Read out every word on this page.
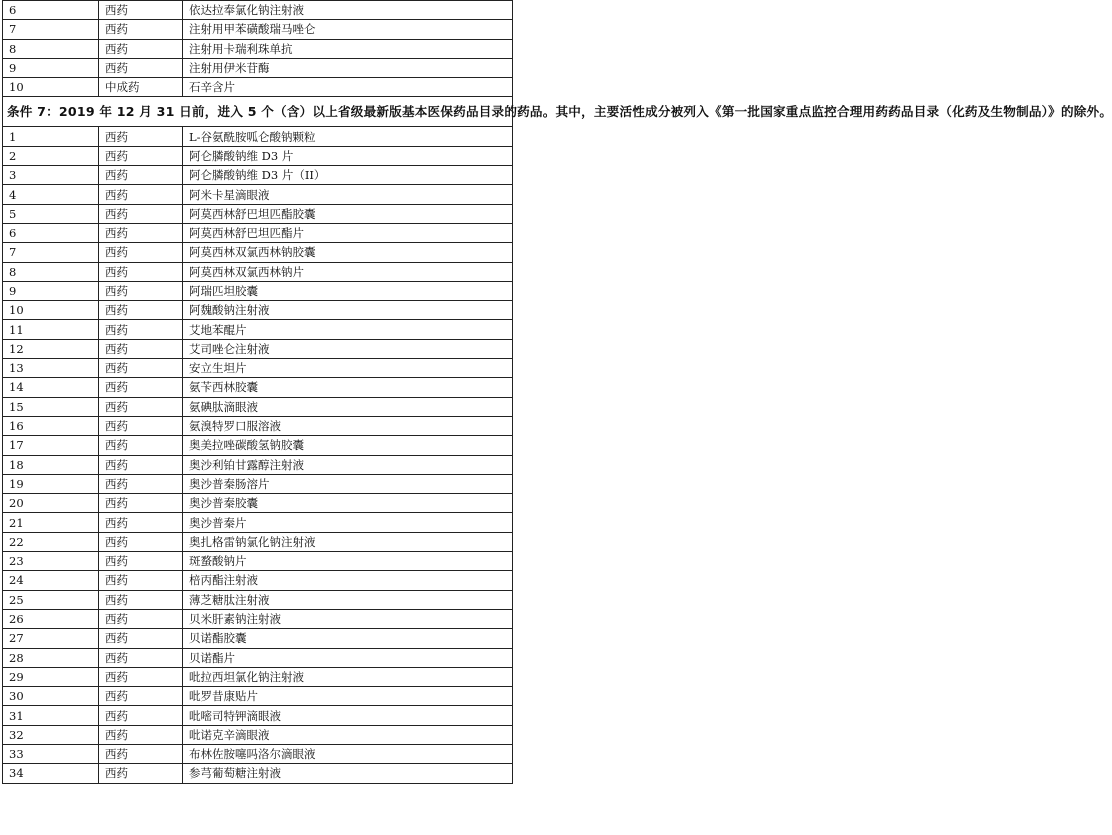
6	西药	依达拉奉氯化钠注射液
7	西药	注射用甲苯磺酸瑞马唑仑
8	西药	注射用卡瑞利珠单抗
9	西药	注射用伊米苷酶
10	中成药	石辛含片
条件 7：2019 年 12 月 31 日前，进入 5 个（含）以上省级最新版基本医保药品目录的药品。其中，主要活性成分被列入《第一批国家重点监控合理用药药品目录（化药及生物制品）》的除外。		
1	西药	L-谷氨酰胺呱仑酸钠颗粒
2	西药	阿仑膦酸钠维 D3 片
3	西药	阿仑膦酸钠维 D3 片（II）
4	西药	阿米卡星滴眼液
5	西药	阿莫西林舒巴坦匹酯胶囊
6	西药	阿莫西林舒巴坦匹酯片
7	西药	阿莫西林双氯西林钠胶囊
8	西药	阿莫西林双氯西林钠片
9	西药	阿瑞匹坦胶囊
10	西药	阿魏酸钠注射液
11	西药	艾地苯醌片
12	西药	艾司唑仑注射液
13	西药	安立生坦片
14	西药	氨苄西林胶囊
15	西药	氨碘肽滴眼液
16	西药	氨溴特罗口服溶液
17	西药	奥美拉唑碳酸氢钠胶囊
18	西药	奥沙利铂甘露醇注射液
19	西药	奥沙普秦肠溶片
20	西药	奥沙普秦胶囊
21	西药	奥沙普秦片
22	西药	奥扎格雷钠氯化钠注射液
23	西药	斑蝥酸钠片
24	西药	棓丙酯注射液
25	西药	薄芝糖肽注射液
26	西药	贝米肝素钠注射液
27	西药	贝诺酯胶囊
28	西药	贝诺酯片
29	西药	吡拉西坦氯化钠注射液
30	西药	吡罗昔康贴片
31	西药	吡嘧司特钾滴眼液
32	西药	吡诺克辛滴眼液
33	西药	布林佐胺噻吗洛尔滴眼液
34	西药	参芎葡萄糖注射液
